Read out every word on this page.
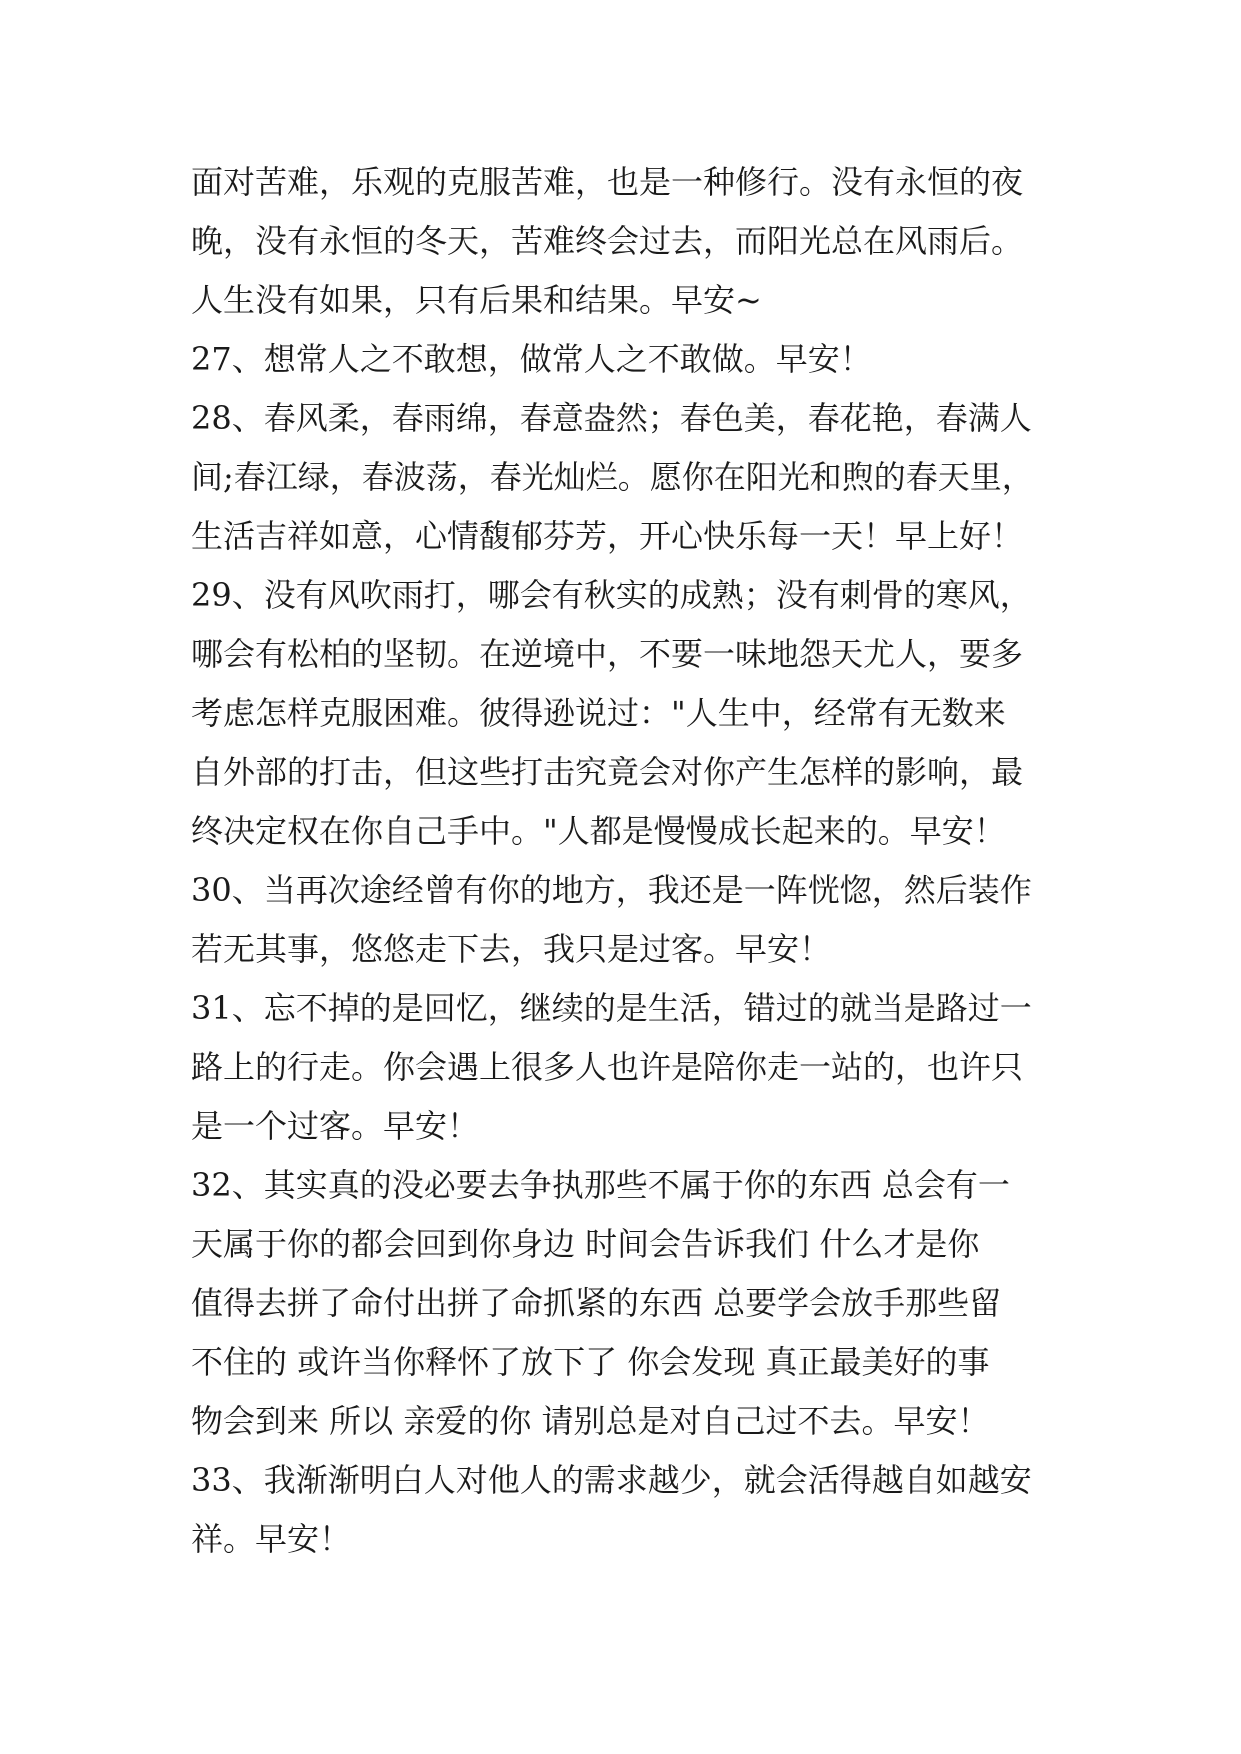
面对苦难，乐观的克服苦难，也是一种修行。没有永恒的夜
晚，没有永恒的冬天，苦难终会过去，而阳光总在风雨后。
人生没有如果，只有后果和结果。早安~
27、想常人之不敢想，做常人之不敢做。早安！
28、春风柔，春雨绵，春意盎然；春色美，春花艳，春满人
间;春江绿，春波荡，春光灿烂。愿你在阳光和煦的春天里，
生活吉祥如意，心情馥郁芬芳，开心快乐每一天！早上好！
29、没有风吹雨打，哪会有秋实的成熟；没有刺骨的寒风，
哪会有松柏的坚韧。在逆境中，不要一味地怨天尤人，要多
考虑怎样克服困难。彼得逊说过："人生中，经常有无数来
自外部的打击，但这些打击究竟会对你产生怎样的影响，最
终决定权在你自己手中。"人都是慢慢成长起来的。早安！
30、当再次途经曾有你的地方，我还是一阵恍惚，然后装作
若无其事，悠悠走下去，我只是过客。早安！
31、忘不掉的是回忆，继续的是生活，错过的就当是路过一
路上的行走。你会遇上很多人也许是陪你走一站的，也许只
是一个过客。早安！
32、其实真的没必要去争执那些不属于你的东西 总会有一
天属于你的都会回到你身边 时间会告诉我们 什么才是你
值得去拼了命付出拼了命抓紧的东西 总要学会放手那些留
不住的 或许当你释怀了放下了 你会发现 真正最美好的事
物会到来 所以 亲爱的你 请别总是对自己过不去。早安！
33、我渐渐明白人对他人的需求越少，就会活得越自如越安
祥。早安！
